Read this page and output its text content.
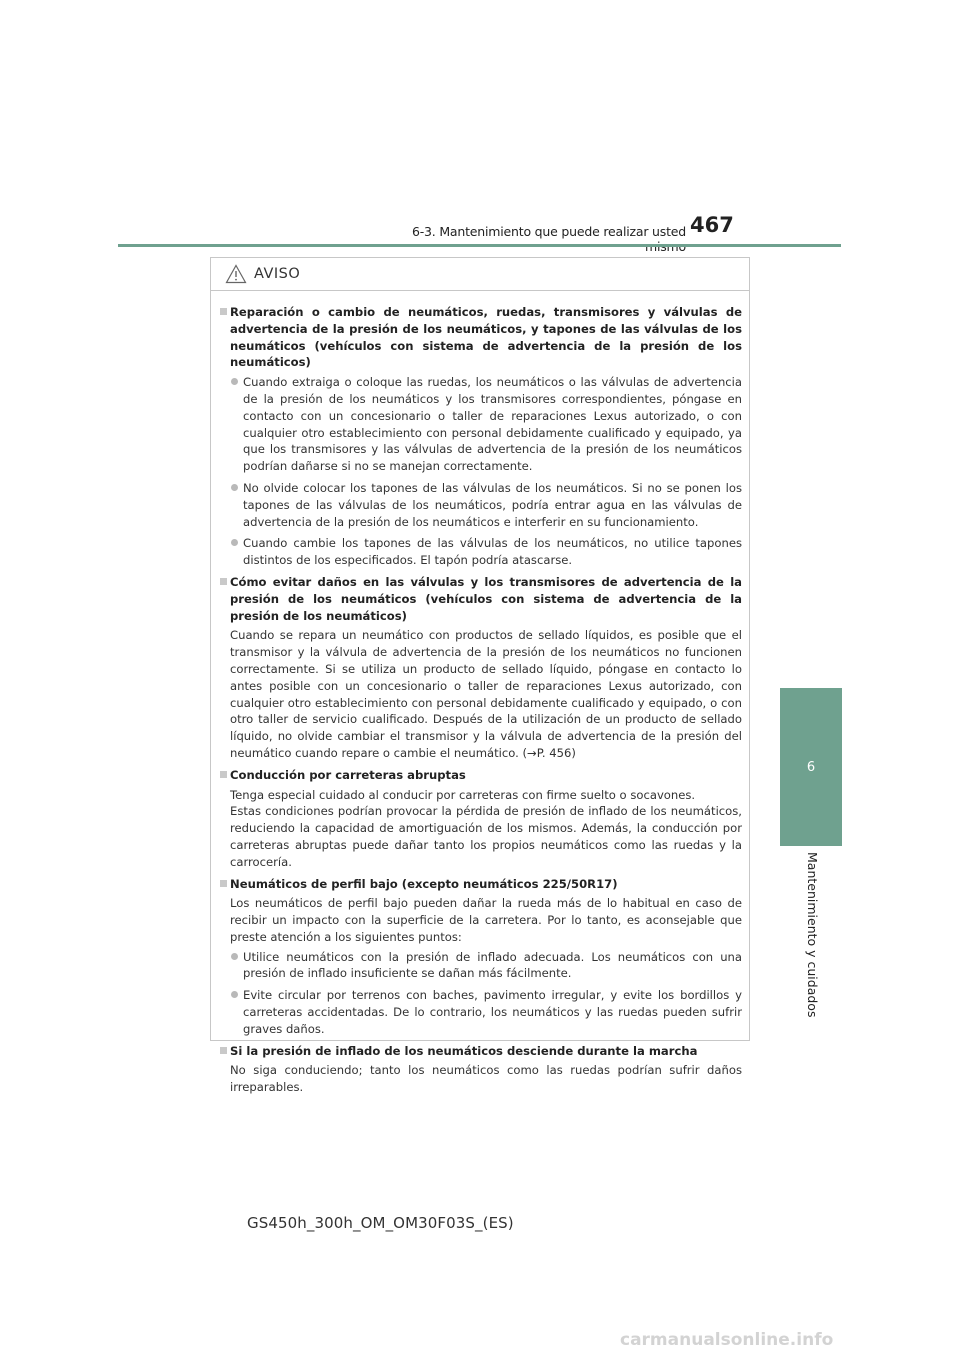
6-3. Mantenimiento que puede realizar usted 467
6
Mantenimiento y cuidados
AVISO
Reparación o cambio de neumáticos, ruedas, transmisores y válvulas de advertencia de la presión de los neumáticos, y tapones de las válvulas de los neumáticos (vehículos con sistema de advertencia de la presión de los neumáticos)
Cuando extraiga o coloque las ruedas, los neumáticos o las válvulas de advertencia de la presión de los neumáticos y los transmisores correspondientes, póngase en contacto con un concesionario o taller de reparaciones Lexus autorizado, o con cualquier otro establecimiento con personal debidamente cualificado y equipado, ya que los transmisores y las válvulas de advertencia de la presión de los neumáticos podrían dañarse si no se manejan correctamente.
No olvide colocar los tapones de las válvulas de los neumáticos. Si no se ponen los tapones de las válvulas de los neumáticos, podría entrar agua en las válvulas de advertencia de la presión de los neumáticos e interferir en su funcionamiento.
Cuando cambie los tapones de las válvulas de los neumáticos, no utilice tapones distintos de los especificados. El tapón podría atascarse.
Cómo evitar daños en las válvulas y los transmisores de advertencia de la presión de los neumáticos (vehículos con sistema de advertencia de la presión de los neumáticos)
Cuando se repara un neumático con productos de sellado líquidos, es posible que el transmisor y la válvula de advertencia de la presión de los neumáticos no funcionen correctamente. Si se utiliza un producto de sellado líquido, póngase en contacto lo antes posible con un concesionario o taller de reparaciones Lexus autorizado, con cualquier otro establecimiento con personal debidamente cualificado y equipado, o con otro taller de servicio cualificado. Después de la utilización de un producto de sellado líquido, no olvide cambiar el transmisor y la válvula de advertencia de la presión del neumático cuando repare o cambie el neumático. (→P. 456)
Conducción por carreteras abruptas
Tenga especial cuidado al conducir por carreteras con firme suelto o socavones.
Estas condiciones podrían provocar la pérdida de presión de inflado de los neumáticos, reduciendo la capacidad de amortiguación de los mismos. Además, la conducción por carreteras abruptas puede dañar tanto los propios neumáticos como las ruedas y la carrocería.
Neumáticos de perfil bajo (excepto neumáticos 225/50R17)
Los neumáticos de perfil bajo pueden dañar la rueda más de lo habitual en caso de recibir un impacto con la superficie de la carretera. Por lo tanto, es aconsejable que preste atención a los siguientes puntos:
Utilice neumáticos con la presión de inflado adecuada. Los neumáticos con una presión de inflado insuficiente se dañan más fácilmente.
Evite circular por terrenos con baches, pavimento irregular, y evite los bordillos y carreteras accidentadas. De lo contrario, los neumáticos y las ruedas pueden sufrir graves daños.
Si la presión de inflado de los neumáticos desciende durante la marcha
No siga conduciendo; tanto los neumáticos como las ruedas podrían sufrir daños irreparables.
GS450h_300h_OM_OM30F03S_(ES)
carmanualsonline.info
